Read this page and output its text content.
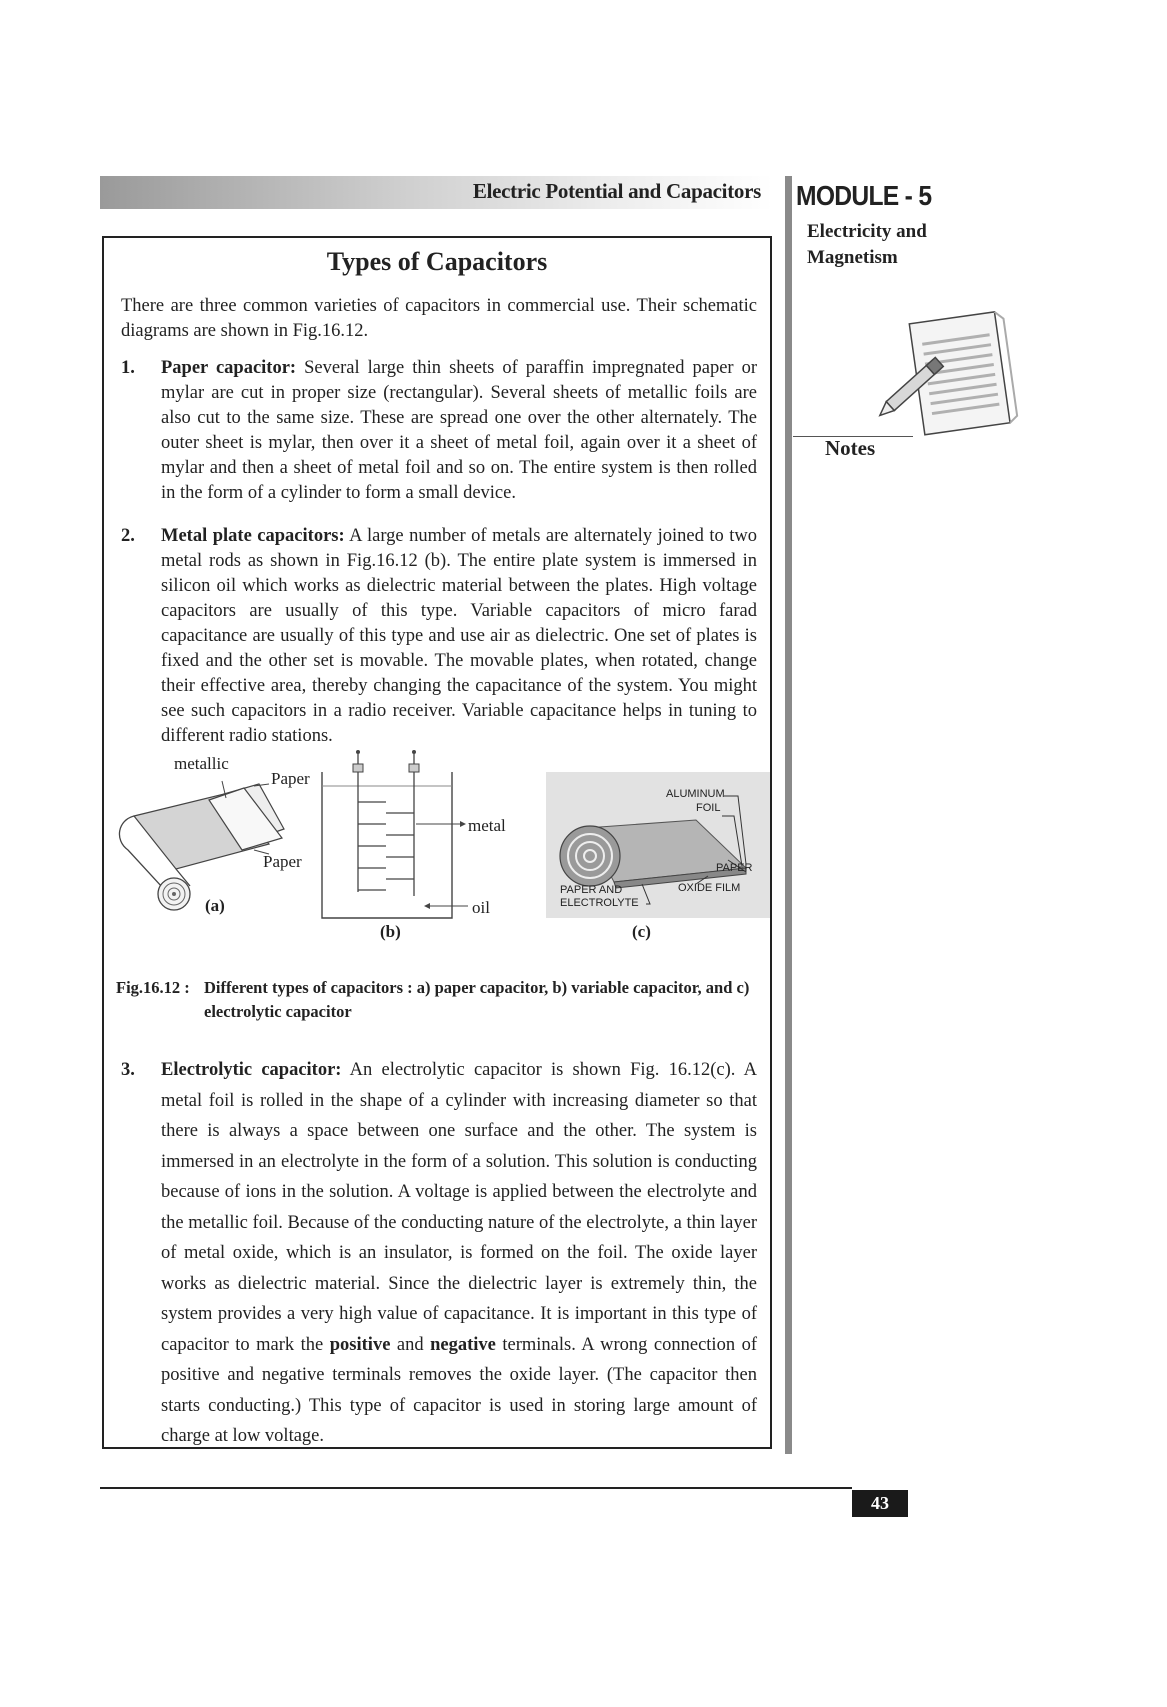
Electric Potential and Capacitors MODULE - 5
Electricity and
Magnetism
Notes
Types of Capacitors

There are three common varieties of capacitors in commercial use. Their schematic diagrams are shown in Fig.16.12.

1. Paper capacitor: Several large thin sheets of paraffin impregnated paper or mylar are cut in proper size (rectangular). Several sheets of metallic foils are also cut to the same size. These are spread one over the other alternately. The outer sheet is mylar, then over it a sheet of metal foil, again over it a sheet of mylar and then a sheet of metal foil and so on. The entire system is then rolled in the form of a cylinder to form a small device.
2. Metal plate capacitors: A large number of metals are alternately joined to two metal rods as shown in Fig.16.12 (b). The entire plate system is immersed in silicon oil which works as dielectric material between the plates. High voltage capacitors are usually of this type. Variable capacitors of micro farad capacitance are usually of this type and use air as dielectric. One set of plates is fixed and the other set is movable. The movable plates, when rotated, change their effective area, thereby changing the capacitance of the system. You might see such capacitors in a radio receiver. Variable capacitance helps in tuning to different radio stations.
metallic
Paper
Paper
(a)
metal
oil
(b)
ALUMINUM
FOIL
PAPER
OXIDE FILM
PAPER AND
ELECTROLYTE
(c)
Fig.16.12 : Different types of capacitors : a) paper capacitor, b) variable capacitor, and c) electrolytic capacitor
3. Electrolytic capacitor: An electrolytic capacitor is shown Fig. 16.12(c). A metal foil is rolled in the shape of a cylinder with increasing diameter so that there is always a space between one surface and the other. The system is immersed in an electrolyte in the form of a solution. This solution is conducting because of ions in the solution. A voltage is applied between the electrolyte and the metallic foil. Because of the conducting nature of the electrolyte, a thin layer of metal oxide, which is an insulator, is formed on the foil. The oxide layer works as dielectric material. Since the dielectric layer is extremely thin, the system provides a very high value of capacitance. It is important in this type of capacitor to mark the positive and negative terminals. A wrong connection of positive and negative terminals removes the oxide layer. (The capacitor then starts conducting.) This type of capacitor is used in storing large amount of charge at low voltage.
43
